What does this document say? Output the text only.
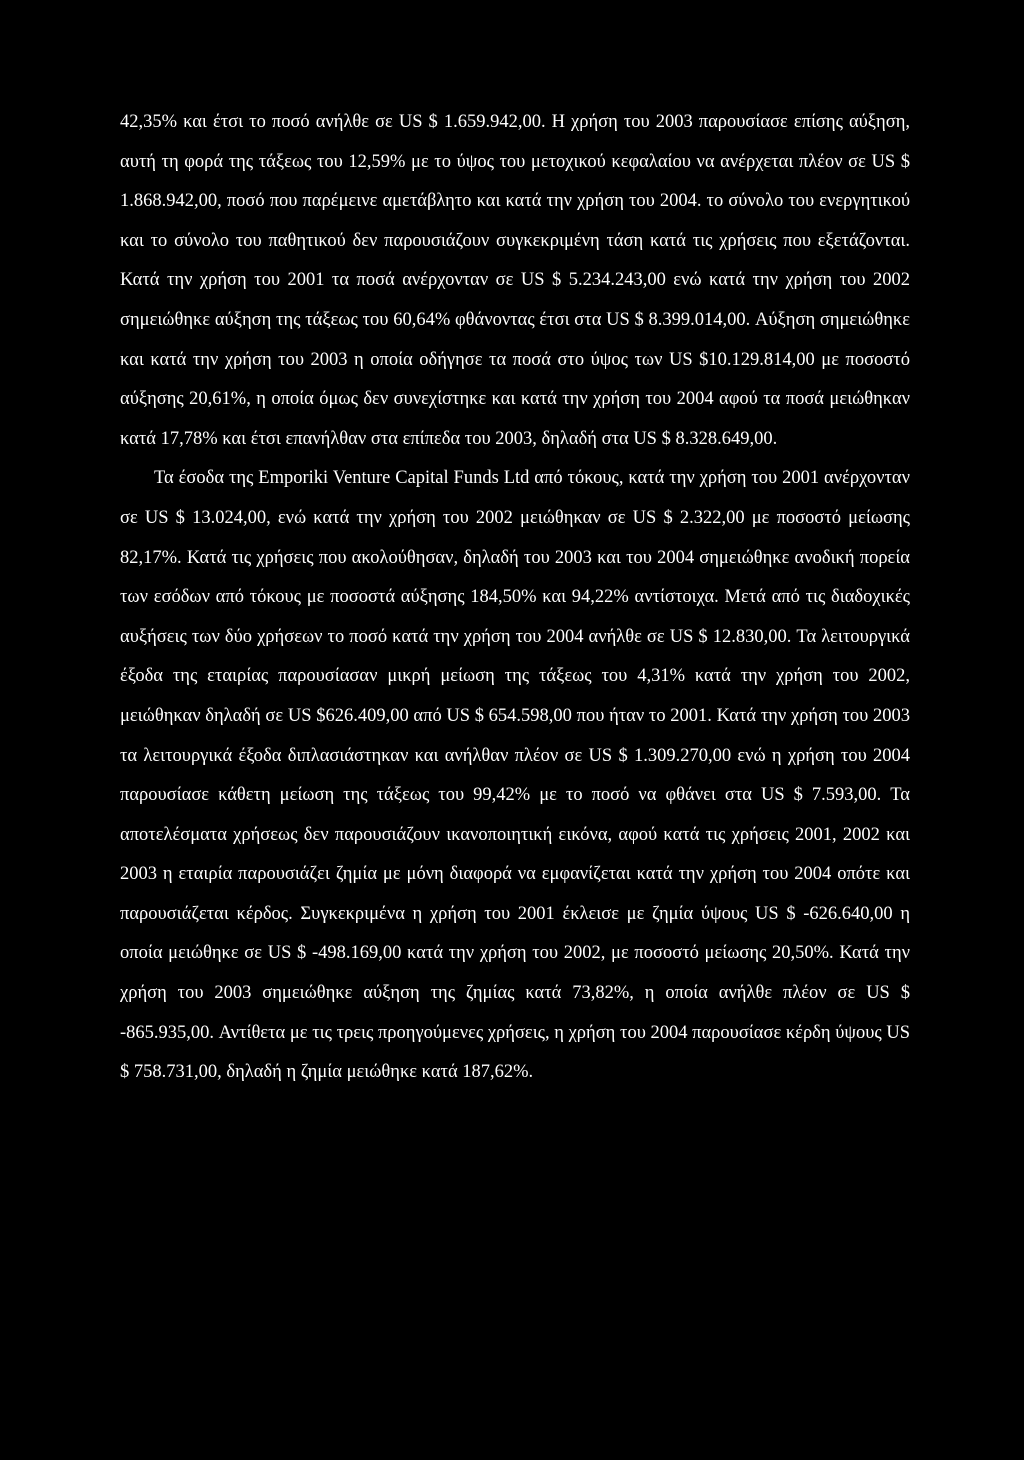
42,35% και έτσι το ποσό ανήλθε σε US $ 1.659.942,00. Η χρήση του 2003 παρουσίασε επίσης αύξηση, αυτή τη φορά της τάξεως του 12,59% με το ύψος του μετοχικού κεφαλαίου να ανέρχεται πλέον σε US $ 1.868.942,00, ποσό που παρέμεινε αμετάβλητο και κατά την χρήση του 2004. το σύνολο του ενεργητικού και το σύνολο του παθητικού δεν παρουσιάζουν συγκεκριμένη τάση κατά τις χρήσεις που εξετάζονται. Κατά την χρήση του 2001 τα ποσά ανέρχονταν σε US $ 5.234.243,00 ενώ κατά την χρήση του 2002 σημειώθηκε αύξηση της τάξεως του 60,64% φθάνοντας έτσι στα US $ 8.399.014,00. Αύξηση σημειώθηκε και κατά την χρήση του 2003 η οποία οδήγησε τα ποσά στο ύψος των US $10.129.814,00 με ποσοστό αύξησης 20,61%, η οποία όμως δεν συνεχίστηκε και κατά την χρήση του 2004 αφού τα ποσά μειώθηκαν κατά 17,78% και έτσι επανήλθαν στα επίπεδα του 2003, δηλαδή στα US $ 8.328.649,00.

Τα έσοδα της Emporiki Venture Capital Funds Ltd από τόκους, κατά την χρήση του 2001 ανέρχονταν σε US $ 13.024,00, ενώ κατά την χρήση του 2002 μειώθηκαν σε US $ 2.322,00 με ποσοστό μείωσης 82,17%. Κατά τις χρήσεις που ακολούθησαν, δηλαδή του 2003 και του 2004 σημειώθηκε ανοδική πορεία των εσόδων από τόκους με ποσοστά αύξησης 184,50% και 94,22% αντίστοιχα. Μετά από τις διαδοχικές αυξήσεις των δύο χρήσεων το ποσό κατά την χρήση του 2004 ανήλθε σε US $ 12.830,00. Τα λειτουργικά έξοδα της εταιρίας παρουσίασαν μικρή μείωση της τάξεως του 4,31% κατά την χρήση του 2002, μειώθηκαν δηλαδή σε US $626.409,00 από US $ 654.598,00 που ήταν το 2001. Κατά την χρήση του 2003 τα λειτουργικά έξοδα διπλασιάστηκαν και ανήλθαν πλέον σε US $ 1.309.270,00 ενώ η χρήση του 2004 παρουσίασε κάθετη μείωση της τάξεως του 99,42% με το ποσό να φθάνει στα US $ 7.593,00. Τα αποτελέσματα χρήσεως δεν παρουσιάζουν ικανοποιητική εικόνα, αφού κατά τις χρήσεις 2001, 2002 και 2003 η εταιρία παρουσιάζει ζημία με μόνη διαφορά να εμφανίζεται κατά την χρήση του 2004 οπότε και παρουσιάζεται κέρδος. Συγκεκριμένα η χρήση του 2001 έκλεισε με ζημία ύψους US $ -626.640,00 η οποία μειώθηκε σε US $ -498.169,00 κατά την χρήση του 2002, με ποσοστό μείωσης 20,50%. Κατά την χρήση του 2003 σημειώθηκε αύξηση της ζημίας κατά 73,82%, η οποία ανήλθε πλέον σε US $ -865.935,00. Αντίθετα με τις τρεις προηγούμενες χρήσεις, η χρήση του 2004 παρουσίασε κέρδη ύψους US $ 758.731,00, δηλαδή η ζημία μειώθηκε κατά 187,62%.
